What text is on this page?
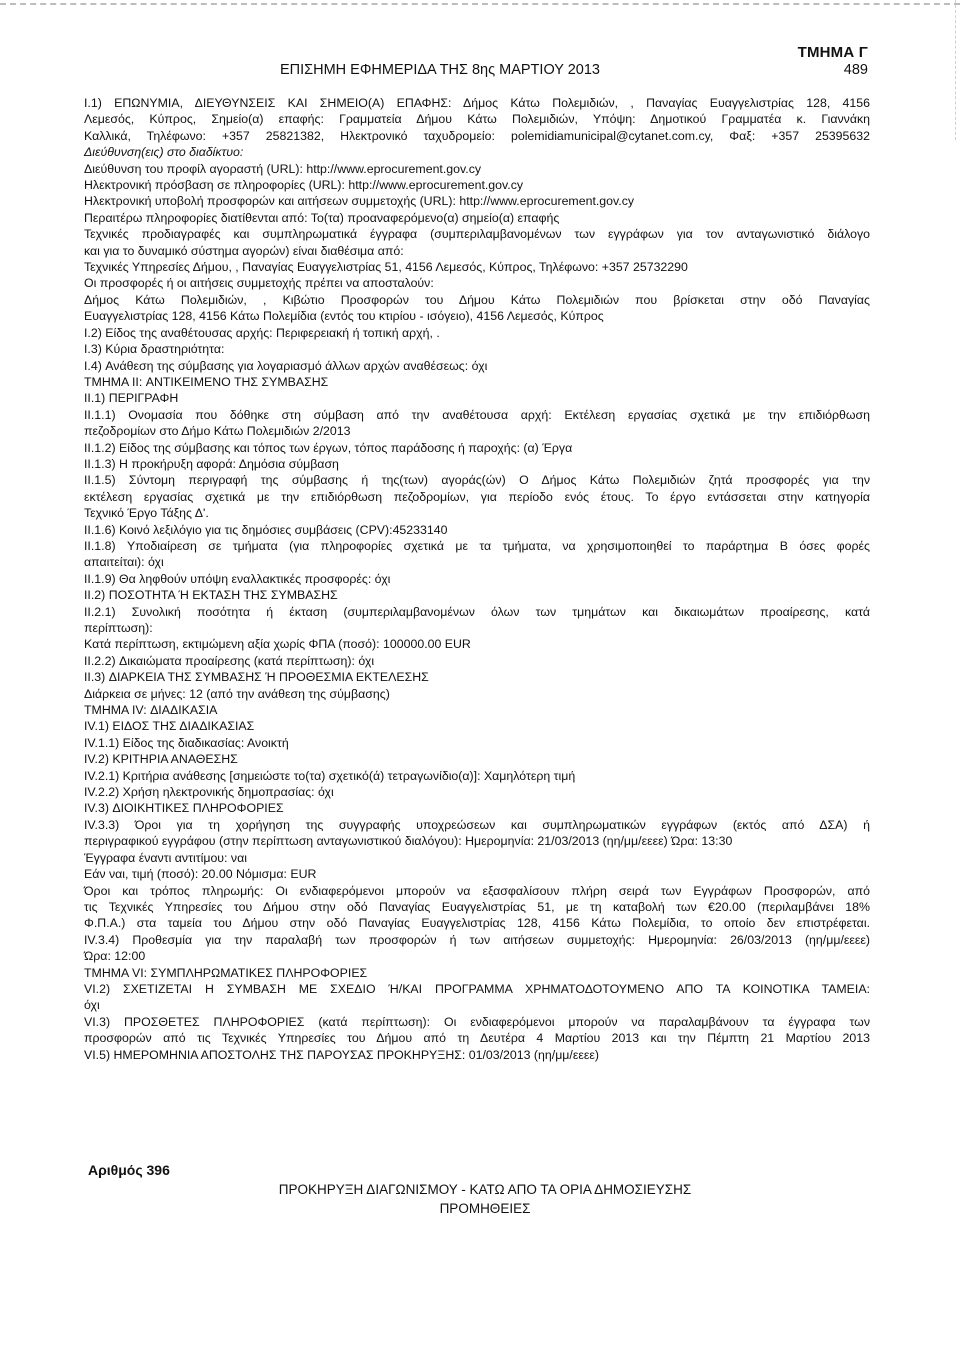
ΤΜΗΜΑ Γ
ΕΠΙΣΗΜΗ ΕΦΗΜΕΡΙΔΑ ΤΗΣ 8ης ΜΑΡΤΙΟΥ 2013	489
I.1) ΕΠΩΝΥΜΙΑ, ΔΙΕΥΘΥΝΣΕΙΣ ΚΑΙ ΣΗΜΕΙΟ(Α) ΕΠΑΦΗΣ: Δήμος Κάτω Πολεμιδιών, , Παναγίας Ευαγγελιστρίας 128, 4156
Λεμεσός, Κύπρος, Σημείο(α) επαφής: Γραμματεία Δήμου Κάτω Πολεμιδιών, Υπόψη: Δημοτικού Γραμματέα κ. Γιαννάκη
Καλλικά, Τηλέφωνο: +357 25821382, Ηλεκτρονικό ταχυδρομείο: polemidiamunicipal@cytanet.com.cy, Φαξ: +357 25395632
Διεύθυνση(εις) στο διαδίκτυο:
Διεύθυνση του προφίλ αγοραστή (URL): http://www.eprocurement.gov.cy
Ηλεκτρονική πρόσβαση σε πληροφορίες (URL): http://www.eprocurement.gov.cy
Ηλεκτρονική υποβολή προσφορών και αιτήσεων συμμετοχής (URL): http://www.eprocurement.gov.cy
Περαιτέρω πληροφορίες διατίθενται από: Το(τα) προαναφερόμενο(α) σημείο(α) επαφής
Τεχνικές προδιαγραφές και συμπληρωματικά έγγραφα (συμπεριλαμβανομένων των εγγράφων για τον ανταγωνιστικό διάλογο
και για το δυναμικό σύστημα αγορών) είναι διαθέσιμα από:
Τεχνικές Υπηρεσίες Δήμου, , Παναγίας Ευαγγελιστρίας 51, 4156 Λεμεσός, Κύπρος, Τηλέφωνο: +357 25732290
Οι προσφορές ή οι αιτήσεις συμμετοχής πρέπει να αποσταλούν:
Δήμος Κάτω Πολεμιδιών, , Κιβώτιο Προσφορών του Δήμου Κάτω Πολεμιδιών που βρίσκεται στην οδό Παναγίας
Ευαγγελιστρίας 128, 4156 Κάτω Πολεμίδια (εντός του κτιρίου - ισόγειο), 4156 Λεμεσός, Κύπρος
I.2) Είδος της αναθέτουσας αρχής: Περιφερειακή ή τοπική αρχή, .
I.3) Κύρια δραστηριότητα:
I.4) Ανάθεση της σύμβασης για λογαριασμό άλλων αρχών αναθέσεως: όχι
ΤΜΗΜΑ II: ΑΝΤΙΚΕΙΜΕΝΟ ΤΗΣ ΣΥΜΒΑΣΗΣ
II.1) ΠΕΡΙΓΡΑΦΗ
II.1.1) Ονομασία που δόθηκε στη σύμβαση από την αναθέτουσα αρχή: Εκτέλεση εργασίας σχετικά με την επιδιόρθωση
πεζοδρομίων στο Δήμο Κάτω Πολεμιδιών 2/2013
II.1.2) Είδος της σύμβασης και τόπος των έργων, τόπος παράδοσης ή παροχής: (α) Έργα
II.1.3) Η προκήρυξη αφορά: Δημόσια σύμβαση
II.1.5) Σύντομη περιγραφή της σύμβασης ή της(των) αγοράς(ών) Ο Δήμος Κάτω Πολεμιδιών ζητά προσφορές για την
εκτέλεση εργασίας σχετικά με την επιδιόρθωση πεζοδρομίων, για περίοδο ενός έτους. Το έργο εντάσσεται στην κατηγορία
Τεχνικό Έργο Τάξης Δ'.
II.1.6) Κοινό λεξιλόγιο για τις δημόσιες συμβάσεις (CPV):45233140
II.1.8) Υποδιαίρεση σε τμήματα (για πληροφορίες σχετικά με τα τμήματα, να χρησιμοποιηθεί το παράρτημα Β όσες φορές
απαιτείται): όχι
II.1.9) Θα ληφθούν υπόψη εναλλακτικές προσφορές: όχι
II.2) ΠΟΣΟΤΗΤΑ Ή ΕΚΤΑΣΗ ΤΗΣ ΣΥΜΒΑΣΗΣ
II.2.1) Συνολική ποσότητα ή έκταση (συμπεριλαμβανομένων όλων των τμημάτων και δικαιωμάτων προαίρεσης, κατά
περίπτωση):
Κατά περίπτωση, εκτιμώμενη αξία χωρίς ΦΠΑ (ποσό): 100000.00 EUR
II.2.2) Δικαιώματα προαίρεσης (κατά περίπτωση): όχι
II.3) ΔΙΑΡΚΕΙΑ ΤΗΣ ΣΥΜΒΑΣΗΣ Ή ΠΡΟΘΕΣΜΙΑ ΕΚΤΕΛΕΣΗΣ
Διάρκεια σε μήνες: 12 (από την ανάθεση της σύμβασης)
ΤΜΗΜΑ IV: ΔΙΑΔΙΚΑΣΙΑ
IV.1) ΕΙΔΟΣ ΤΗΣ ΔΙΑΔΙΚΑΣΙΑΣ
IV.1.1) Είδος της διαδικασίας: Ανοικτή
IV.2) ΚΡΙΤΗΡΙΑ ΑΝΑΘΕΣΗΣ
IV.2.1) Κριτήρια ανάθεσης [σημειώστε το(τα) σχετικό(ά) τετραγωνίδιο(α)]: Χαμηλότερη τιμή
IV.2.2) Χρήση ηλεκτρονικής δημοπρασίας: όχι
IV.3) ΔΙΟΙΚΗΤΙΚΕΣ ΠΛΗΡΟΦΟΡΙΕΣ
IV.3.3) Όροι για τη χορήγηση της συγγραφής υποχρεώσεων και συμπληρωματικών εγγράφων (εκτός από ΔΣΑ) ή
περιγραφικού εγγράφου (στην περίπτωση ανταγωνιστικού διαλόγου): Ημερομηνία: 21/03/2013 (ηη/μμ/εεεε) Ώρα: 13:30
Έγγραφα έναντι αντιτίμου: ναι
Εάν ναι, τιμή (ποσό): 20.00 Νόμισμα: EUR
Όροι και τρόπος πληρωμής: Οι ενδιαφερόμενοι μπορούν να εξασφαλίσουν πλήρη σειρά των Εγγράφων Προσφορών, από
τις Τεχνικές Υπηρεσίες του Δήμου στην οδό Παναγίας Ευαγγελιστρίας 51, με τη καταβολή των €20.00 (περιλαμβάνει 18%
Φ.Π.Α.) στα ταμεία του Δήμου στην οδό Παναγίας Ευαγγελιστρίας 128, 4156 Κάτω Πολεμίδια, το οποίο δεν επιστρέφεται.
IV.3.4) Προθεσμία για την παραλαβή των προσφορών ή των αιτήσεων συμμετοχής: Ημερομηνία: 26/03/2013 (ηη/μμ/εεεε)
Ώρα: 12:00
ΤΜΗΜΑ VI: ΣΥΜΠΛΗΡΩΜΑΤΙΚΕΣ ΠΛΗΡΟΦΟΡΙΕΣ
VI.2) ΣΧΕΤΙΖΕΤΑΙ Η ΣΥΜΒΑΣΗ ΜΕ ΣΧΕΔΙΟ Ή/ΚΑΙ ΠΡΟΓΡΑΜΜΑ ΧΡΗΜΑΤΟΔΟΤΟΥΜΕΝΟ ΑΠΟ ΤΑ ΚΟΙΝΟΤΙΚΑ ΤΑΜΕΙΑ:
όχι
VI.3) ΠΡΟΣΘΕΤΕΣ ΠΛΗΡΟΦΟΡΙΕΣ (κατά περίπτωση): Οι ενδιαφερόμενοι μπορούν να παραλαμβάνουν τα έγγραφα των
προσφορών από τις Τεχνικές Υπηρεσίες του Δήμου από τη Δευτέρα 4 Μαρτίου 2013 και την Πέμπτη 21 Μαρτίου 2013
VI.5) ΗΜΕΡΟΜΗΝΙΑ ΑΠΟΣΤΟΛΗΣ ΤΗΣ ΠΑΡΟΥΣΑΣ ΠΡΟΚΗΡΥΞΗΣ: 01/03/2013 (ηη/μμ/εεεε)
Αριθμός 396
ΠΡΟΚΗΡΥΞΗ ΔΙΑΓΩΝΙΣΜΟΥ - ΚΑΤΩ ΑΠΟ ΤΑ ΟΡΙΑ ΔΗΜΟΣΙΕΥΣΗΣ
ΠΡΟΜΗΘΕΙΕΣ
